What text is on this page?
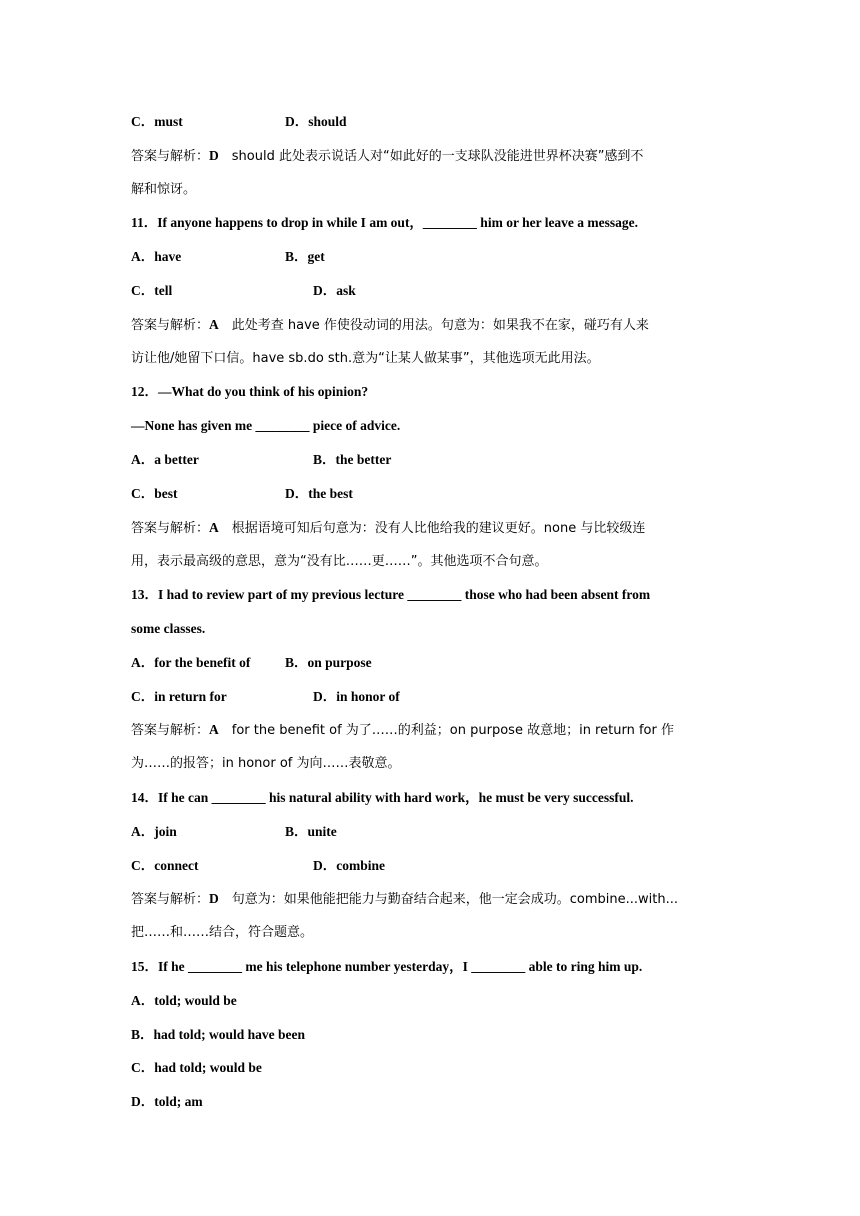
C．must	D．should
答案与解析：D　should 此处表示说话人对“如此好的一支球队没能进世界杯决赛”感到不
解和惊讶。
11．If anyone happens to drop in while I am out，________ him or her leave a message.
A．have	B．get
C．tell	D．ask
答案与解析：A　此处考查 have 作使役动词的用法。句意为：如果我不在家，碰巧有人来
访让他/她留下口信。have sb.do sth.意为“让某人做某事”，其他选项无此用法。
12．—What do you think of his opinion?
—None has given me ________ piece of advice.
A．a better	B．the better
C．best	D．the best
答案与解析：A　根据语境可知后句意为：没有人比他给我的建议更好。none 与比较级连
用，表示最高级的意思，意为“没有比……更……”。其他选项不合句意。
13．I had to review part of my previous lecture ________ those who had been absent from
some classes.
A．for the benefit of	B．on purpose
C．in return for	D．in honor of
答案与解析：A　for the benefit of 为了……的利益；on purpose 故意地；in return for 作
为……的报答；in honor of 为向……表敬意。
14．If he can ________ his natural ability with hard work，he must be very successful.
A．join	B．unite
C．connect	D．combine
答案与解析：D　句意为：如果他能把能力与勤奋结合起来，他一定会成功。combine...with...
把……和……结合，符合题意。
15．If he ________ me his telephone number yesterday，I ________ able to ring him up.
A．told; would be
B．had told; would have been
C．had told; would be
D．told; am
